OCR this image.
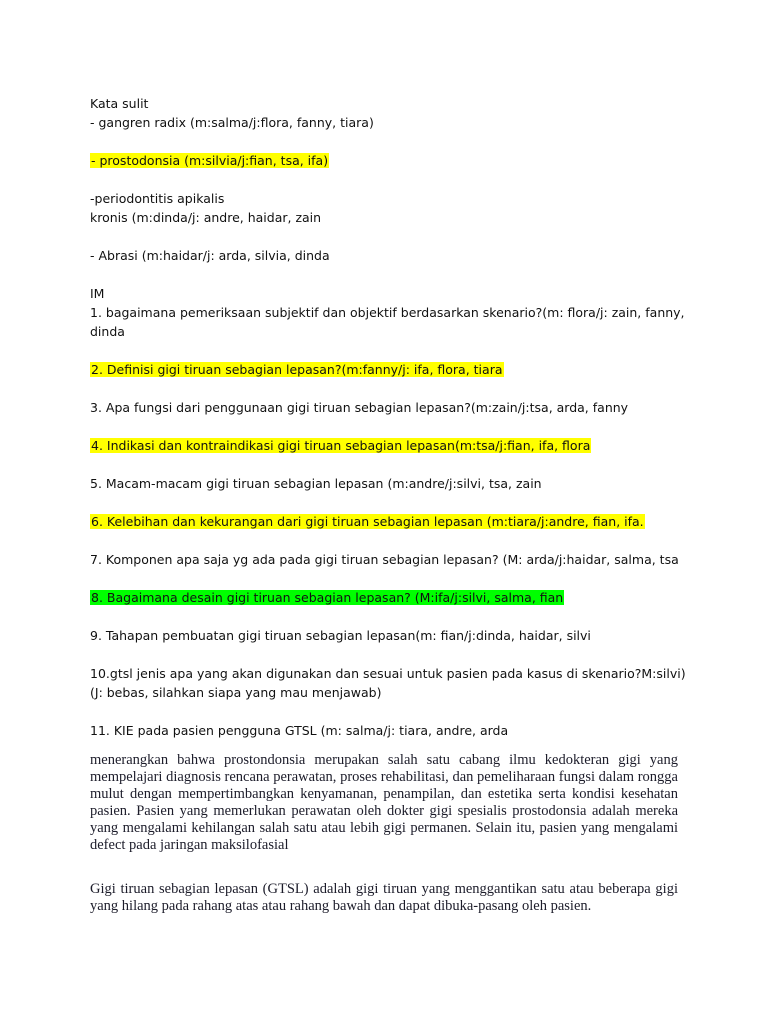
Kata sulit
- gangren radix (m:salma/j:flora, fanny, tiara)
- prostodonsia (m:silvia/j:fian, tsa, ifa)
-periodontitis apikalis
kronis (m:dinda/j: andre, haidar, zain
- Abrasi (m:haidar/j: arda, silvia, dinda
IM
1. bagaimana pemeriksaan subjektif dan objektif berdasarkan skenario?(m: flora/j: zain, fanny, dinda
2. Definisi gigi tiruan sebagian lepasan?(m:fanny/j: ifa, flora, tiara
3. Apa fungsi dari penggunaan gigi tiruan sebagian lepasan?(m:zain/j:tsa, arda, fanny
4. Indikasi dan kontraindikasi gigi tiruan sebagian lepasan(m:tsa/j:fian, ifa, flora
5. Macam-macam gigi tiruan sebagian lepasan (m:andre/j:silvi, tsa, zain
6. Kelebihan dan kekurangan dari gigi tiruan sebagian lepasan (m:tiara/j:andre, fian, ifa.
7. Komponen apa saja yg ada pada gigi tiruan sebagian lepasan? (M: arda/j:haidar, salma, tsa
8. Bagaimana desain gigi tiruan sebagian lepasan? (M:ifa/j:silvi, salma, fian
9. Tahapan pembuatan gigi tiruan sebagian lepasan(m: fian/j:dinda, haidar, silvi
10.gtsl jenis apa yang akan digunakan dan sesuai untuk pasien pada kasus di skenario?M:silvi)
(J: bebas, silahkan siapa yang mau menjawab)
11. KIE pada pasien pengguna GTSL (m: salma/j: tiara, andre, arda

menerangkan bahwa prostondonsia merupakan salah satu cabang ilmu kedokteran gigi yang mempelajari diagnosis rencana perawatan, proses rehabilitasi, dan pemeliharaan fungsi dalam rongga mulut dengan mempertimbangkan kenyamanan, penampilan, dan estetika serta kondisi kesehatan pasien. Pasien yang memerlukan perawatan oleh dokter gigi spesialis prostodonsia adalah mereka yang mengalami kehilangan salah satu atau lebih gigi permanen. Selain itu, pasien yang mengalami defect pada jaringan maksilofasial

Gigi tiruan sebagian lepasan (GTSL) adalah gigi tiruan yang menggantikan satu atau beberapa gigi yang hilang pada rahang atas atau rahang bawah dan dapat dibuka-pasang oleh pasien.
